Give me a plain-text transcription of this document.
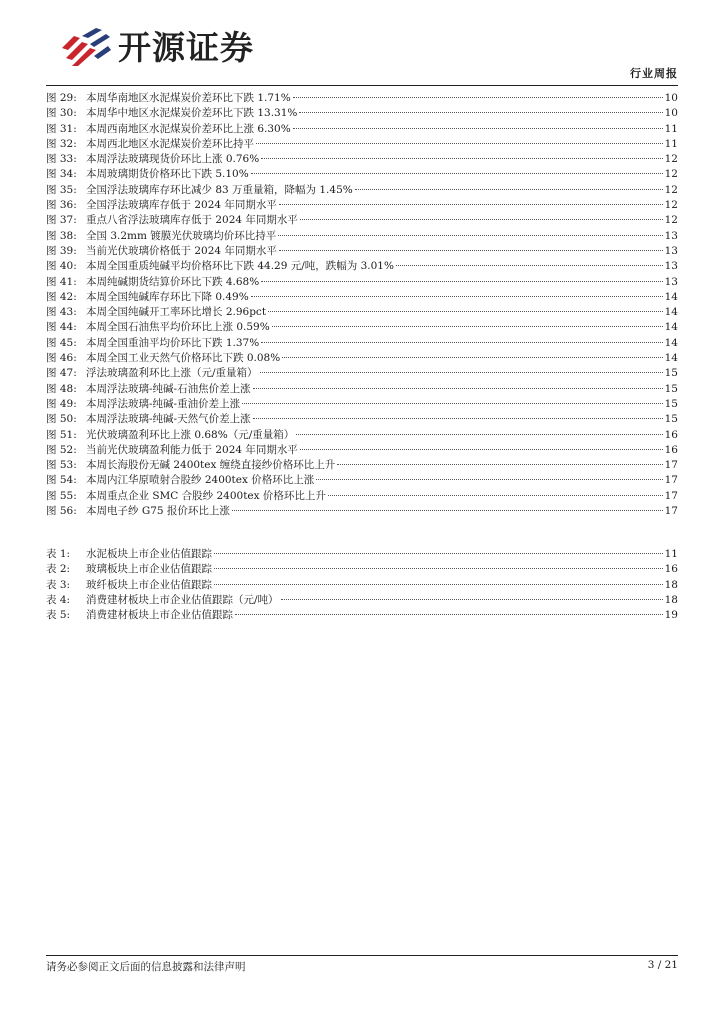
开源证券
行业周报
图 29: 本周华南地区水泥煤炭价差环比下跌 1.71%	10
图 30: 本周华中地区水泥煤炭价差环比下跌 13.31%	10
图 31: 本周西南地区水泥煤炭价差环比上涨 6.30%	11
图 32: 本周西北地区水泥煤炭价差环比持平	11
图 33: 本周浮法玻璃现货价环比上涨 0.76%	12
图 34: 本周玻璃期货价格环比下跌 5.10%	12
图 35: 全国浮法玻璃库存环比减少 83 万重量箱，降幅为 1.45%	12
图 36: 全国浮法玻璃库存低于 2024 年同期水平	12
图 37: 重点八省浮法玻璃库存低于 2024 年同期水平	12
图 38: 全国 3.2mm 镀膜光伏玻璃均价环比持平	13
图 39: 当前光伏玻璃价格低于 2024 年同期水平	13
图 40: 本周全国重质纯碱平均价格环比下跌 44.29 元/吨，跌幅为 3.01%	13
图 41: 本周纯碱期货结算价环比下跌 4.68%	13
图 42: 本周全国纯碱库存环比下降 0.49%	14
图 43: 本周全国纯碱开工率环比增长 2.96pct	14
图 44: 本周全国石油焦平均价环比上涨 0.59%	14
图 45: 本周全国重油平均价环比下跌 1.37%	14
图 46: 本周全国工业天然气价格环比下跌 0.08%	14
图 47: 浮法玻璃盈利环比上涨（元/重量箱）	15
图 48: 本周浮法玻璃-纯碱-石油焦价差上涨	15
图 49: 本周浮法玻璃-纯碱-重油价差上涨	15
图 50: 本周浮法玻璃-纯碱-天然气价差上涨	15
图 51: 光伏玻璃盈利环比上涨 0.68%（元/重量箱）	16
图 52: 当前光伏玻璃盈利能力低于 2024 年同期水平	16
图 53: 本周长海股份无碱 2400tex 缠绕直接纱价格环比上升	17
图 54: 本周内江华原喷射合股纱 2400tex 价格环比上涨	17
图 55: 本周重点企业 SMC 合股纱 2400tex 价格环比上升	17
图 56: 本周电子纱 G75 报价环比上涨	17
表 1:	水泥板块上市企业估值跟踪	11
表 2:	玻璃板块上市企业估值跟踪	16
表 3:	玻纤板块上市企业估值跟踪	18
表 4:	消费建材板块上市企业估值跟踪（元/吨）	18
表 5:	消费建材板块上市企业估值跟踪	19
请务必参阅正文后面的信息披露和法律声明	3 / 21
